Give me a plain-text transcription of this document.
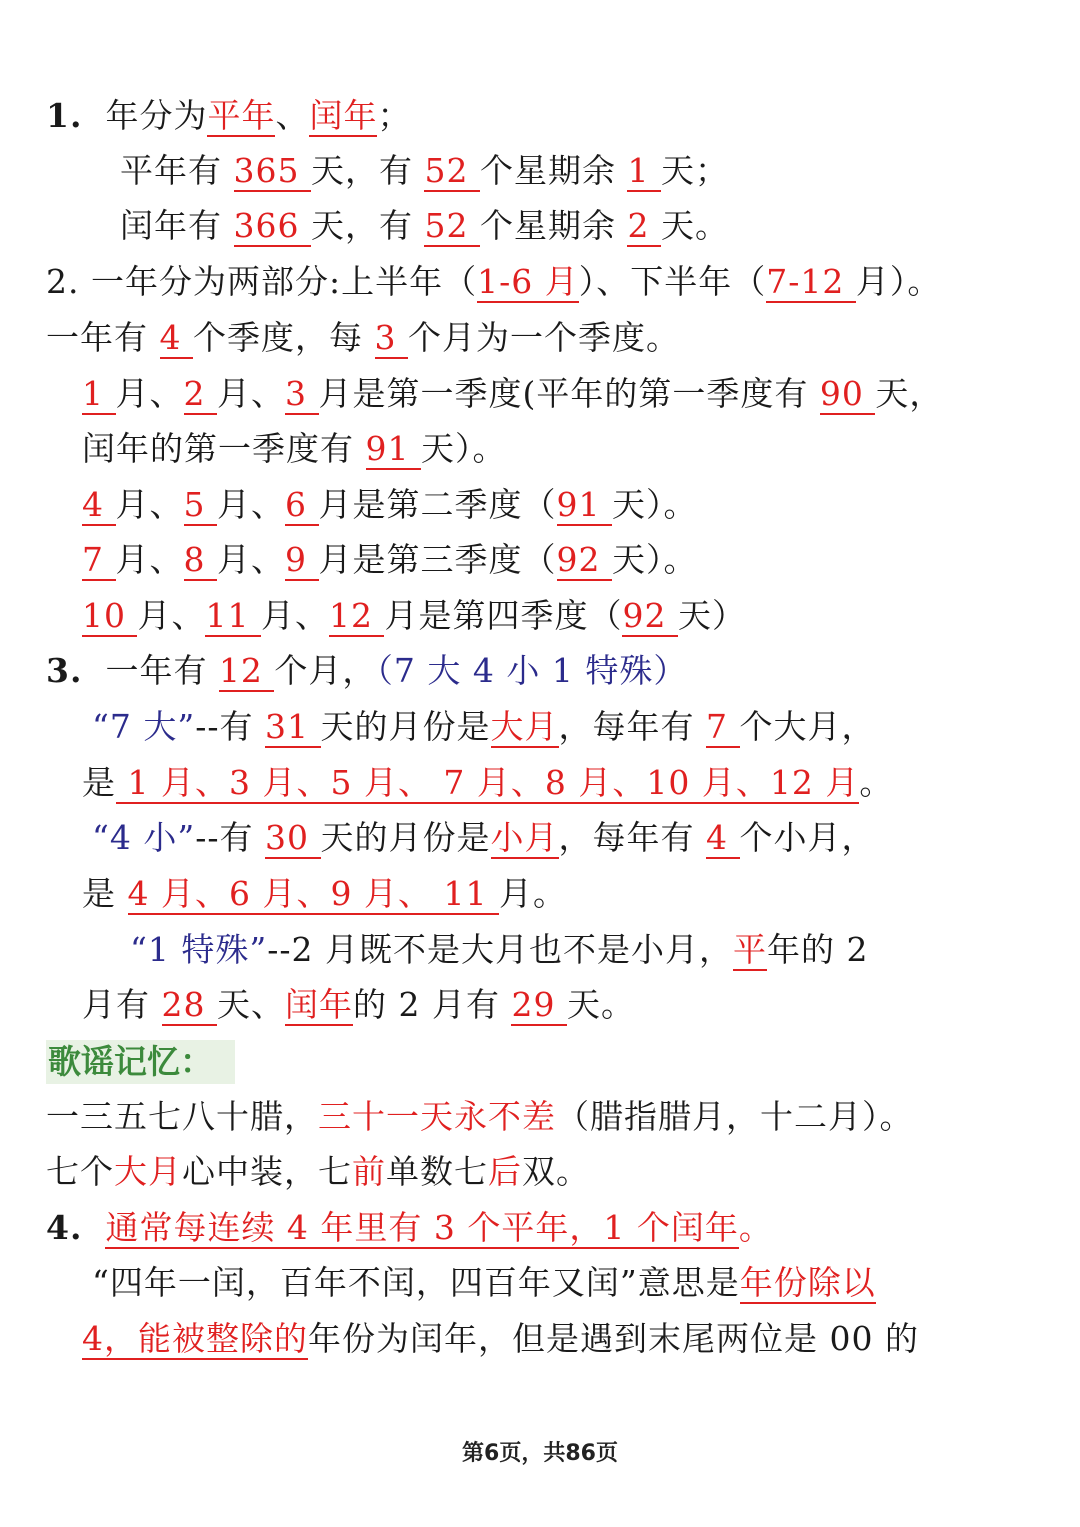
1. 年分为平年、闰年；
平年有 365 天，有 52 个星期余 1 天；
闰年有 366 天，有 52 个星期余 2 天。
2. 一年分为两部分:上半年（1-6 月）、下半年（7-12 月）。
一年有 4 个季度，每 3 个月为一个季度。
1 月、2 月、3 月是第一季度(平年的第一季度有 90 天，
闰年的第一季度有 91 天）。
4 月、5 月、6 月是第二季度（91 天）。
7 月、8 月、9 月是第三季度（92 天）。
10 月、11 月、12 月是第四季度（92 天）
3. 一年有 12 个月，（7 大 4 小 1 特殊）
“7 大”--有 31 天的月份是大月，每年有 7 个大月，
是 1 月、3 月、5 月、 7 月、8 月、10 月、12 月。
“4 小”--有 30 天的月份是小月，每年有 4 个小月，
是 4 月、6 月、9 月、 11 月。
“1 特殊”--2 月既不是大月也不是小月，平年的 2
月有 28 天、闰年的 2 月有 29 天。
歌谣记忆：
一三五七八十腊，三十一天永不差（腊指腊月，十二月）。
七个大月心中装，七前单数七后双。
4. 通常每连续 4 年里有 3 个平年，1 个闰年。
“四年一闰，百年不闰，四百年又闰”意思是年份除以
4，能被整除的年份为闰年，但是遇到末尾两位是 00 的
第6页，共86页
